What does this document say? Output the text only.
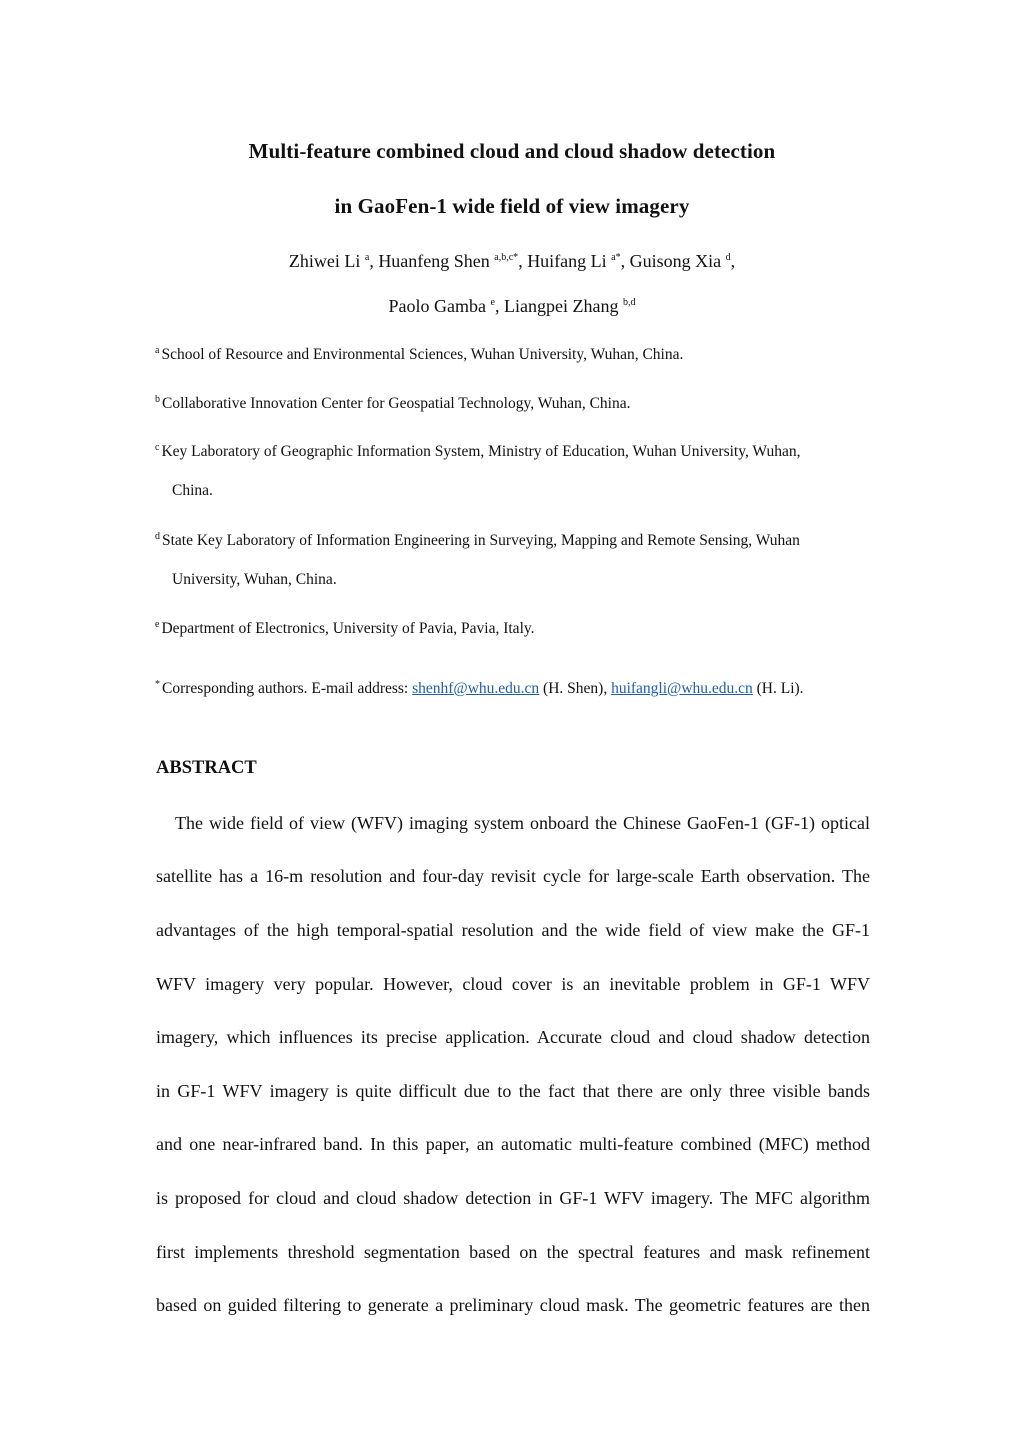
Multi-feature combined cloud and cloud shadow detection
in GaoFen-1 wide field of view imagery
Zhiwei Li $^a$, Huanfeng Shen $^{a,b,c*}$, Huifang Li $^{a*}$, Guisong Xia $^d$,
Paolo Gamba $^e$, Liangpei Zhang $^{b,d}$
$^a$ School of Resource and Environmental Sciences, Wuhan University, Wuhan, China.
$^b$ Collaborative Innovation Center for Geospatial Technology, Wuhan, China.
$^c$ Key Laboratory of Geographic Information System, Ministry of Education, Wuhan University, Wuhan,
China.
$^d$ State Key Laboratory of Information Engineering in Surveying, Mapping and Remote Sensing, Wuhan
University, Wuhan, China.
$^e$ Department of Electronics, University of Pavia, Pavia, Italy.
* Corresponding authors. E-mail address: shenhf@whu.edu.cn (H. Shen), huifangli@whu.edu.cn (H. Li).
ABSTRACT
The wide field of view (WFV) imaging system onboard the Chinese GaoFen-1 (GF-1) optical
satellite has a 16-m resolution and four-day revisit cycle for large-scale Earth observation. The
advantages of the high temporal-spatial resolution and the wide field of view make the GF-1
WFV imagery very popular. However, cloud cover is an inevitable problem in GF-1 WFV
imagery, which influences its precise application. Accurate cloud and cloud shadow detection
in GF-1 WFV imagery is quite difficult due to the fact that there are only three visible bands
and one near-infrared band. In this paper, an automatic multi-feature combined (MFC) method
is proposed for cloud and cloud shadow detection in GF-1 WFV imagery. The MFC algorithm
first implements threshold segmentation based on the spectral features and mask refinement
based on guided filtering to generate a preliminary cloud mask. The geometric features are then
